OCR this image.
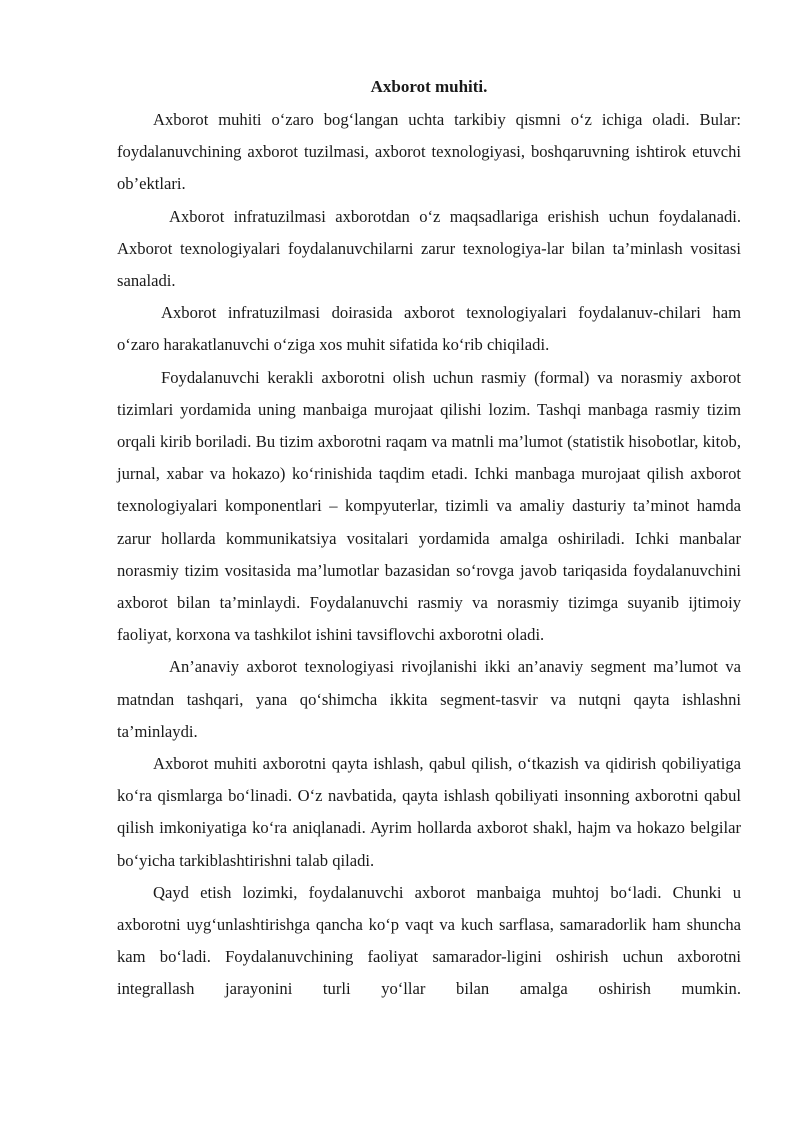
Axborot muhiti.

Axborot muhiti o‘zaro bog‘langan uchta tarkibiy qismni o‘z ichiga oladi. Bular: foydalanuvchining axborot tuzilmasi, axborot texnologiyasi, boshqaruvning ishtirok etuvchi ob’ektlari.

Axborot infratuzilmasi axborotdan o‘z maqsadlariga erishish uchun foydalanadi. Axborot texnologiyalari foydalanuvchilarni zarur texnologiya-lar bilan ta’minlash vositasi sanaladi.

Axborot infratuzilmasi doirasida axborot texnologiyalari foydalanuv-chilari ham o‘zaro harakatlanuvchi o‘ziga xos muhit sifatida ko‘rib chiqiladi.

Foydalanuvchi kerakli axborotni olish uchun rasmiy (formal) va norasmiy axborot tizimlari yordamida uning manbaiga murojaat qilishi lozim. Tashqi manbaga rasmiy tizim orqali kirib boriladi. Bu tizim axborotni raqam va matnli ma’lumot (statistik hisobotlar, kitob, jurnal, xabar va hokazo) ko‘rinishida taqdim etadi. Ichki manbaga murojaat qilish axborot texnologiyalari komponentlari – kompyuterlar, tizimli va amaliy dasturiy ta’minot hamda zarur hollarda kommunikatsiya vositalari yordamida amalga oshiriladi. Ichki manbalar norasmiy tizim vositasida ma’lumotlar bazasidan so‘rovga javob tariqasida foydalanuvchini axborot bilan ta’minlaydi. Foydalanuvchi rasmiy va norasmiy tizimga suyanib ijtimoiy faoliyat, korxona va tashkilot ishini tavsiflovchi axborotni oladi.

An’anaviy axborot texnologiyasi rivojlanishi ikki an’anaviy segment ma’lumot va matndan tashqari, yana qo‘shimcha ikkita segment-tasvir va nutqni qayta ishlashni ta’minlaydi.

Axborot muhiti axborotni qayta ishlash, qabul qilish, o‘tkazish va qidirish qobiliyatiga ko‘ra qismlarga bo‘linadi. O‘z navbatida, qayta ishlash qobiliyati insonning axborotni qabul qilish imkoniyatiga ko‘ra aniqlanadi. Ayrim hollarda axborot shakl, hajm va hokazo belgilar bo‘yicha tarkiblashtirishni talab qiladi.

Qayd etish lozimki, foydalanuvchi axborot manbaiga muhtoj bo‘ladi. Chunki u axborotni uyg‘unlashtirishga qancha ko‘p vaqt va kuch sarflasa, samaradorlik ham shuncha kam bo‘ladi. Foydalanuvchining faoliyat samarador-ligini oshirish uchun axborotni integrallash jarayonini turli yo‘llar bilan amalga oshirish mumkin.
